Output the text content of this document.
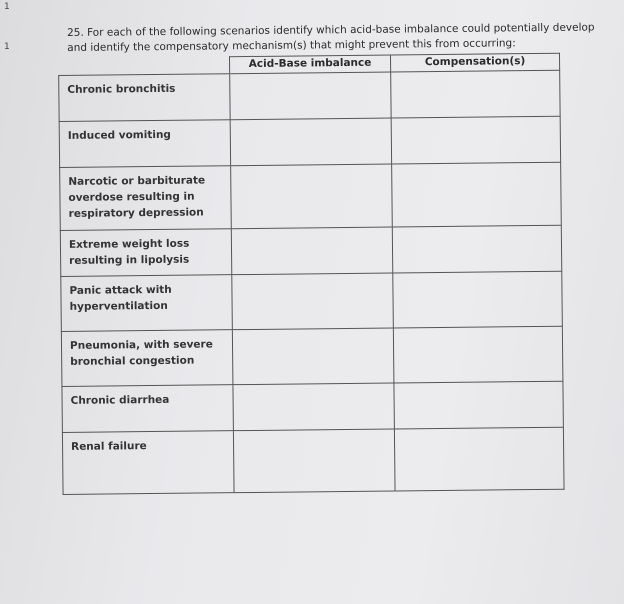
1
1
25. For each of the following scenarios identify which acid-base imbalance could potentially develop
and identify the compensatory mechanism(s) that might prevent this from occurring:
	Acid-Base imbalance	Compensation(s)
Chronic bronchitis		
Induced vomiting		
Narcotic or barbiturate overdose resulting in respiratory depression		
Extreme weight loss resulting in lipolysis		
Panic attack with hyperventilation		
Pneumonia, with severe bronchial congestion		
Chronic diarrhea		
Renal failure		
